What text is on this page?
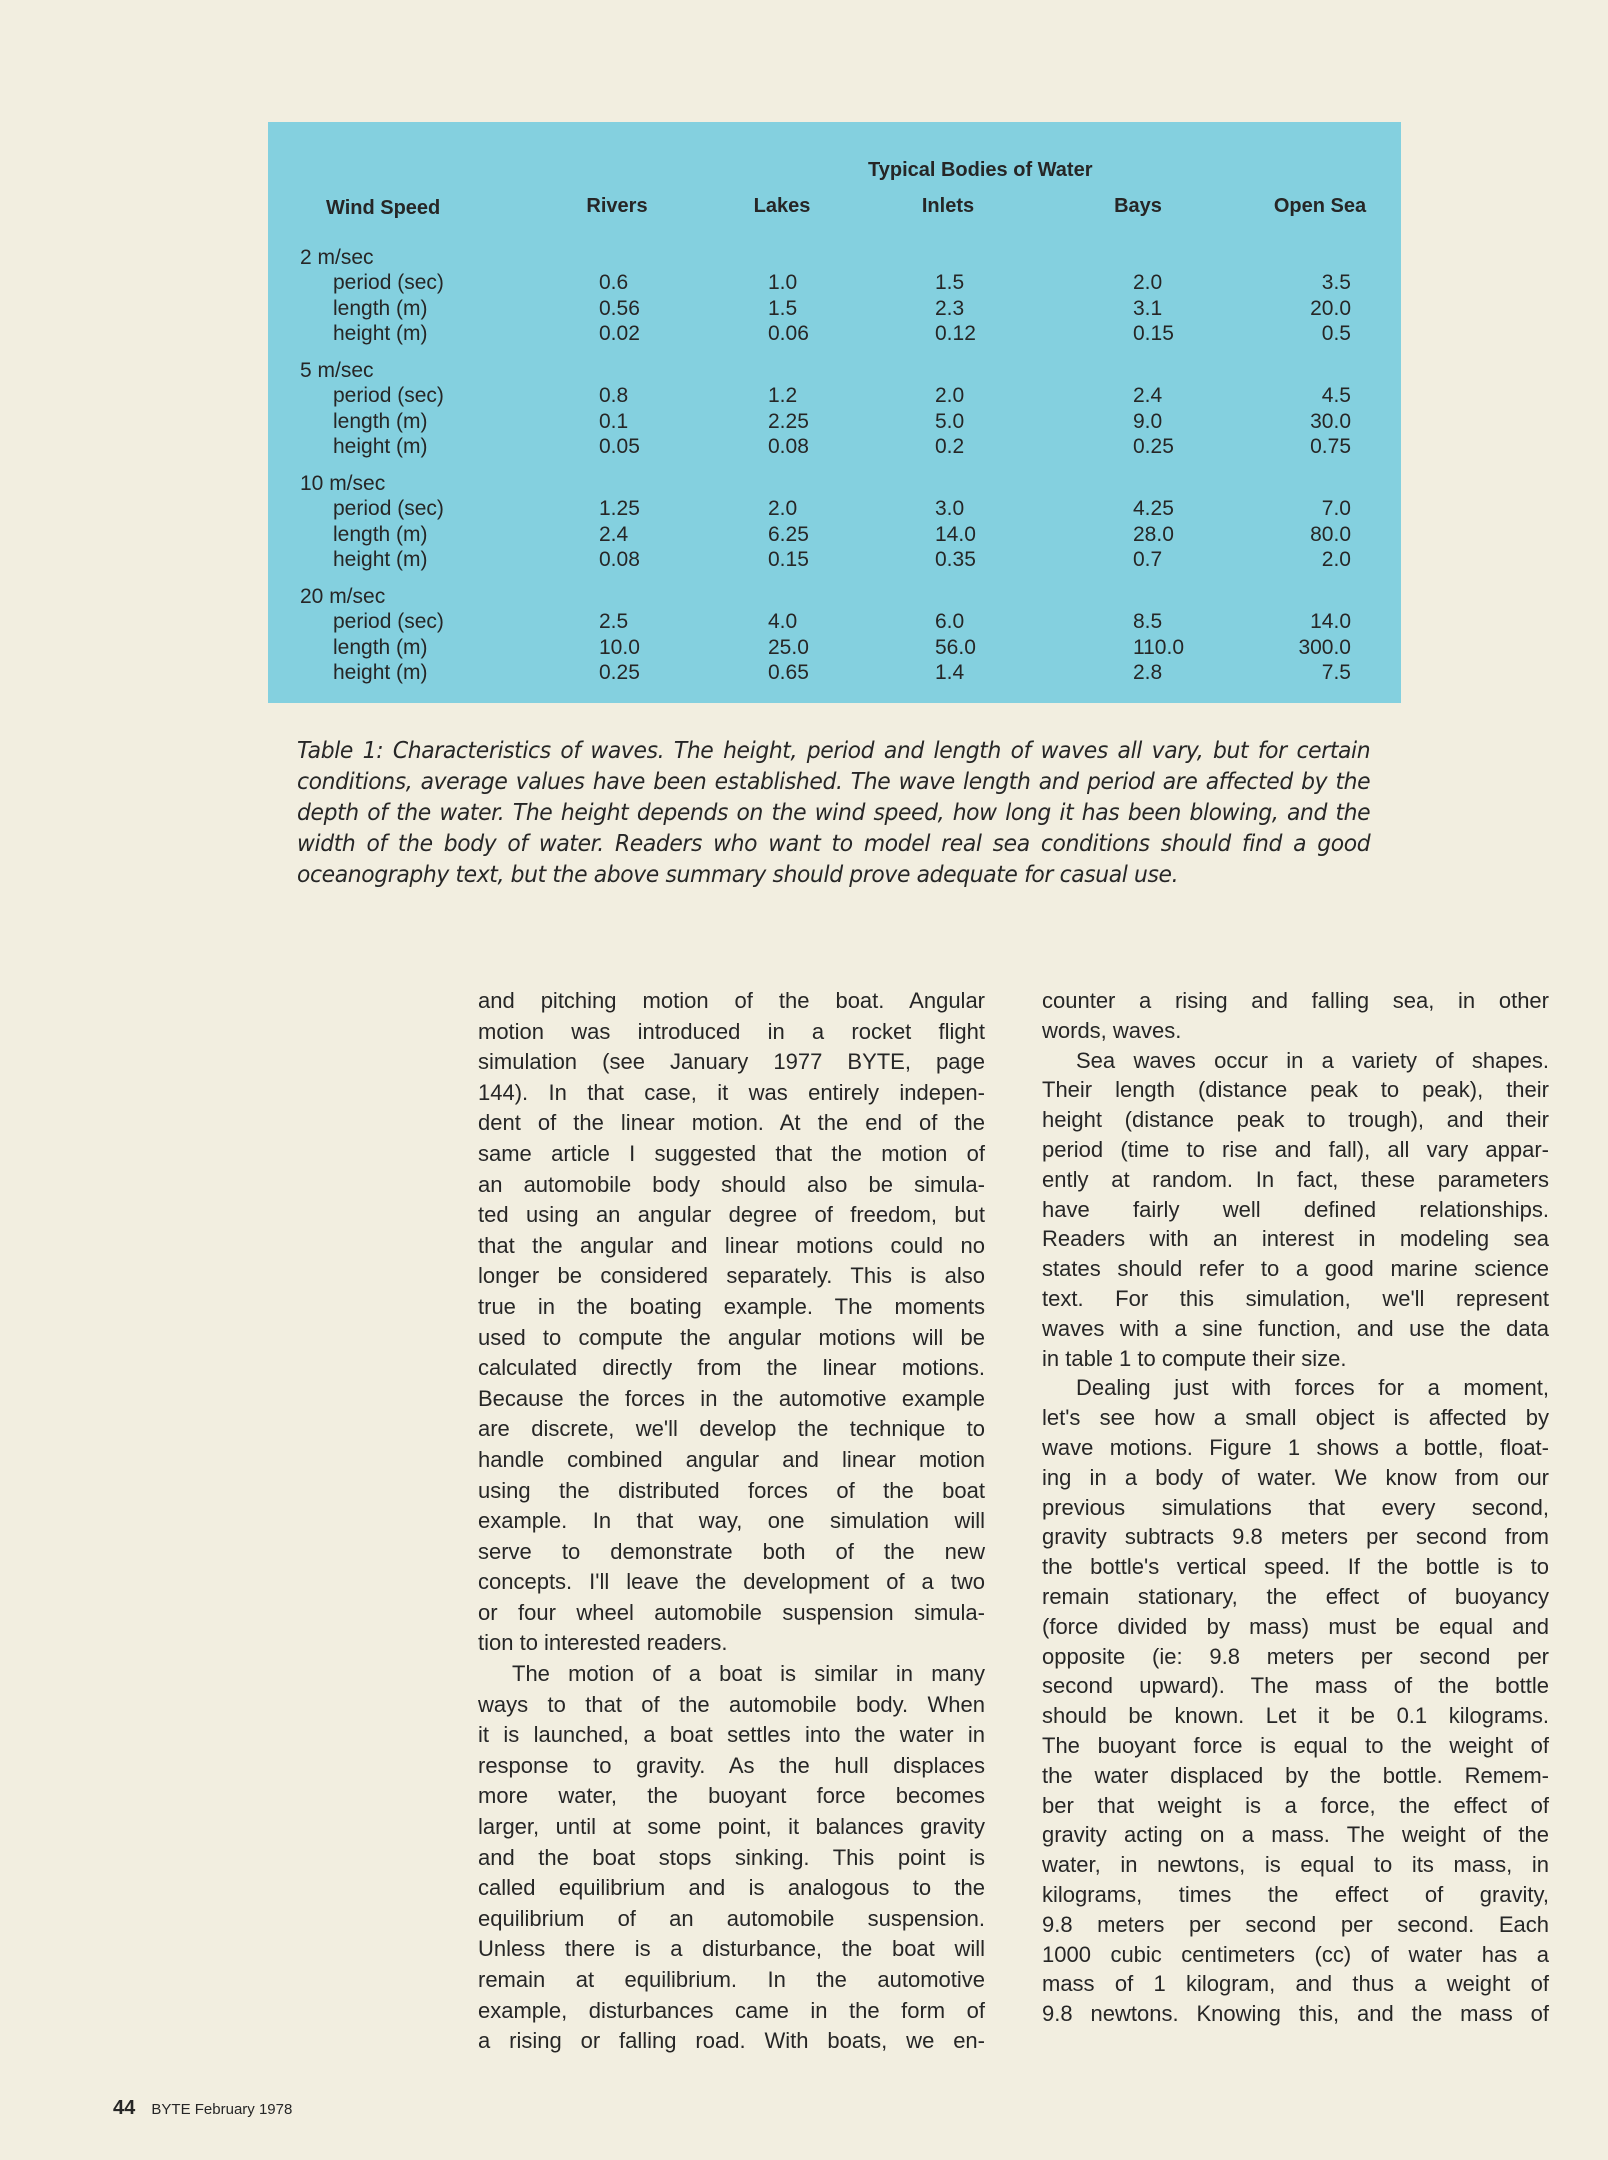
Typical Bodies of Water
Wind Speed	Rivers	Lakes	Inlets	Bays	Open Sea
2 m/sec
period (sec)	0.6	1.0	1.5	2.0	3.5
length (m)	0.56	1.5	2.3	3.1	20.0
height (m)	0.02	0.06	0.12	0.15	0.5
5 m/sec
period (sec)	0.8	1.2	2.0	2.4	4.5
length (m)	0.1	2.25	5.0	9.0	30.0
height (m)	0.05	0.08	0.2	0.25	0.75
10 m/sec
period (sec)	1.25	2.0	3.0	4.25	7.0
length (m)	2.4	6.25	14.0	28.0	80.0
height (m)	0.08	0.15	0.35	0.7	2.0
20 m/sec
period (sec)	2.5	4.0	6.0	8.5	14.0
length (m)	10.0	25.0	56.0	110.0	300.0
height (m)	0.25	0.65	1.4	2.8	7.5
Table 1: Characteristics of waves. The height, period and length of waves all vary, but for certain conditions, average values have been established. The wave length and period are affected by the depth of the water. The height depends on the wind speed, how long it has been blowing, and the width of the body of water. Readers who want to model real sea conditions should find a good oceanography text, but the above summary should prove adequate for casual use.
and pitching motion of the boat. Angular
motion was introduced in a rocket flight
simulation (see January 1977 BYTE, page
144). In that case, it was entirely indepen-
dent of the linear motion. At the end of the
same article I suggested that the motion of
an automobile body should also be simula-
ted using an angular degree of freedom, but
that the angular and linear motions could no
longer be considered separately. This is also
true in the boating example. The moments
used to compute the angular motions will be
calculated directly from the linear motions.
Because the forces in the automotive example
are discrete, we'll develop the technique to
handle combined angular and linear motion
using the distributed forces of the boat
example. In that way, one simulation will
serve to demonstrate both of the new
concepts. I'll leave the development of a two
or four wheel automobile suspension simula-
tion to interested readers.
The motion of a boat is similar in many
ways to that of the automobile body. When
it is launched, a boat settles into the water in
response to gravity. As the hull displaces
more water, the buoyant force becomes
larger, until at some point, it balances gravity
and the boat stops sinking. This point is
called equilibrium and is analogous to the
equilibrium of an automobile suspension.
Unless there is a disturbance, the boat will
remain at equilibrium. In the automotive
example, disturbances came in the form of
a rising or falling road. With boats, we en-
counter a rising and falling sea, in other
words, waves.
Sea waves occur in a variety of shapes.
Their length (distance peak to peak), their
height (distance peak to trough), and their
period (time to rise and fall), all vary appar-
ently at random. In fact, these parameters
have fairly well defined relationships.
Readers with an interest in modeling sea
states should refer to a good marine science
text. For this simulation, we'll represent
waves with a sine function, and use the data
in table 1 to compute their size.
Dealing just with forces for a moment,
let's see how a small object is affected by
wave motions. Figure 1 shows a bottle, float-
ing in a body of water. We know from our
previous simulations that every second,
gravity subtracts 9.8 meters per second from
the bottle's vertical speed. If the bottle is to
remain stationary, the effect of buoyancy
(force divided by mass) must be equal and
opposite (ie: 9.8 meters per second per
second upward). The mass of the bottle
should be known. Let it be 0.1 kilograms.
The buoyant force is equal to the weight of
the water displaced by the bottle. Remem-
ber that weight is a force, the effect of
gravity acting on a mass. The weight of the
water, in newtons, is equal to its mass, in
kilograms, times the effect of gravity,
9.8 meters per second per second. Each
1000 cubic centimeters (cc) of water has a
mass of 1 kilogram, and thus a weight of
9.8 newtons. Knowing this, and the mass of
44 BYTE February 1978
